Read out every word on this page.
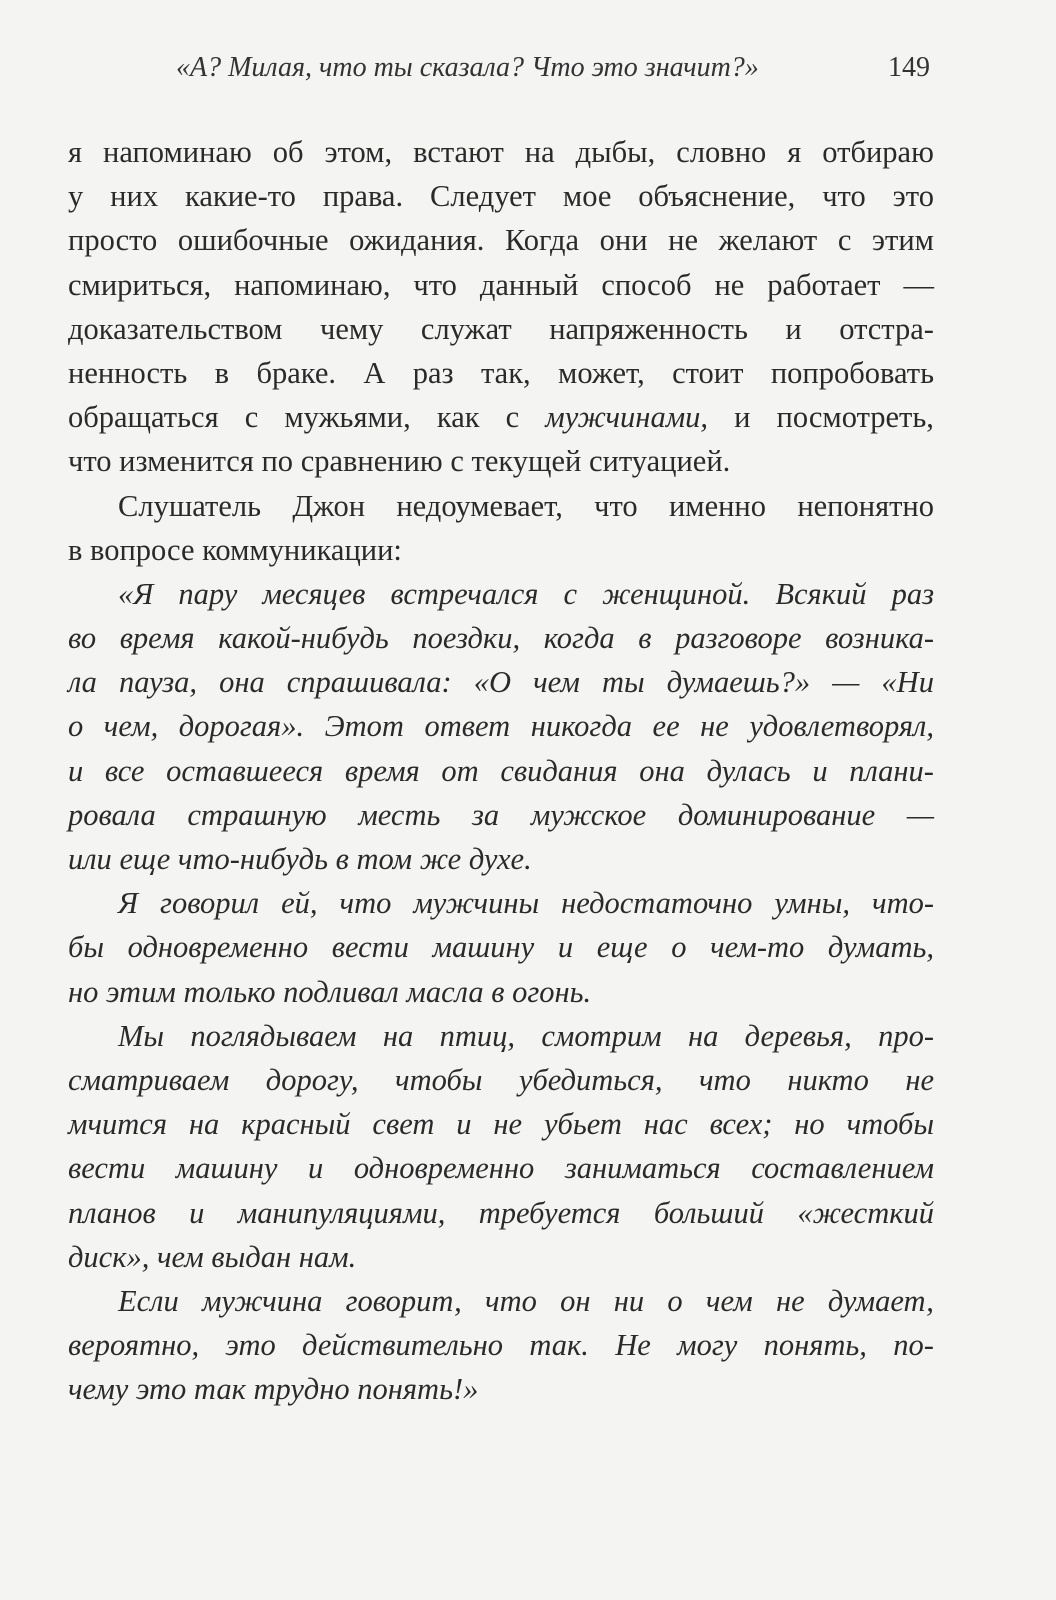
«А? Милая, что ты сказала? Что это значит?»	149
я напоминаю об этом, встают на дыбы, словно я отбираю
у них какие-то права. Следует мое объяснение, что это
просто ошибочные ожидания. Когда они не желают с этим
смириться, напоминаю, что данный способ не работает —
доказательством чему служат напряженность и отстра-
ненность в браке. А раз так, может, стоит попробовать
обращаться с мужьями, как с мужчинами, и посмотреть,
что изменится по сравнению с текущей ситуацией.
Слушатель Джон недоумевает, что именно непонятно
в вопросе коммуникации:
«Я пару месяцев встречался с женщиной. Всякий раз
во время какой-нибудь поездки, когда в разговоре возника-
ла пауза, она спрашивала: «О чем ты думаешь?» — «Ни
о чем, дорогая». Этот ответ никогда ее не удовлетворял,
и все оставшееся время от свидания она дулась и плани-
ровала страшную месть за мужское доминирование —
или еще что-нибудь в том же духе.
Я говорил ей, что мужчины недостаточно умны, что-
бы одновременно вести машину и еще о чем-то думать,
но этим только подливал масла в огонь.
Мы поглядываем на птиц, смотрим на деревья, про-
сматриваем дорогу, чтобы убедиться, что никто не
мчится на красный свет и не убьет нас всех; но чтобы
вести машину и одновременно заниматься составлением
планов и манипуляциями, требуется больший «жесткий
диск», чем выдан нам.
Если мужчина говорит, что он ни о чем не думает,
вероятно, это действительно так. Не могу понять, по-
чему это так трудно понять!»
